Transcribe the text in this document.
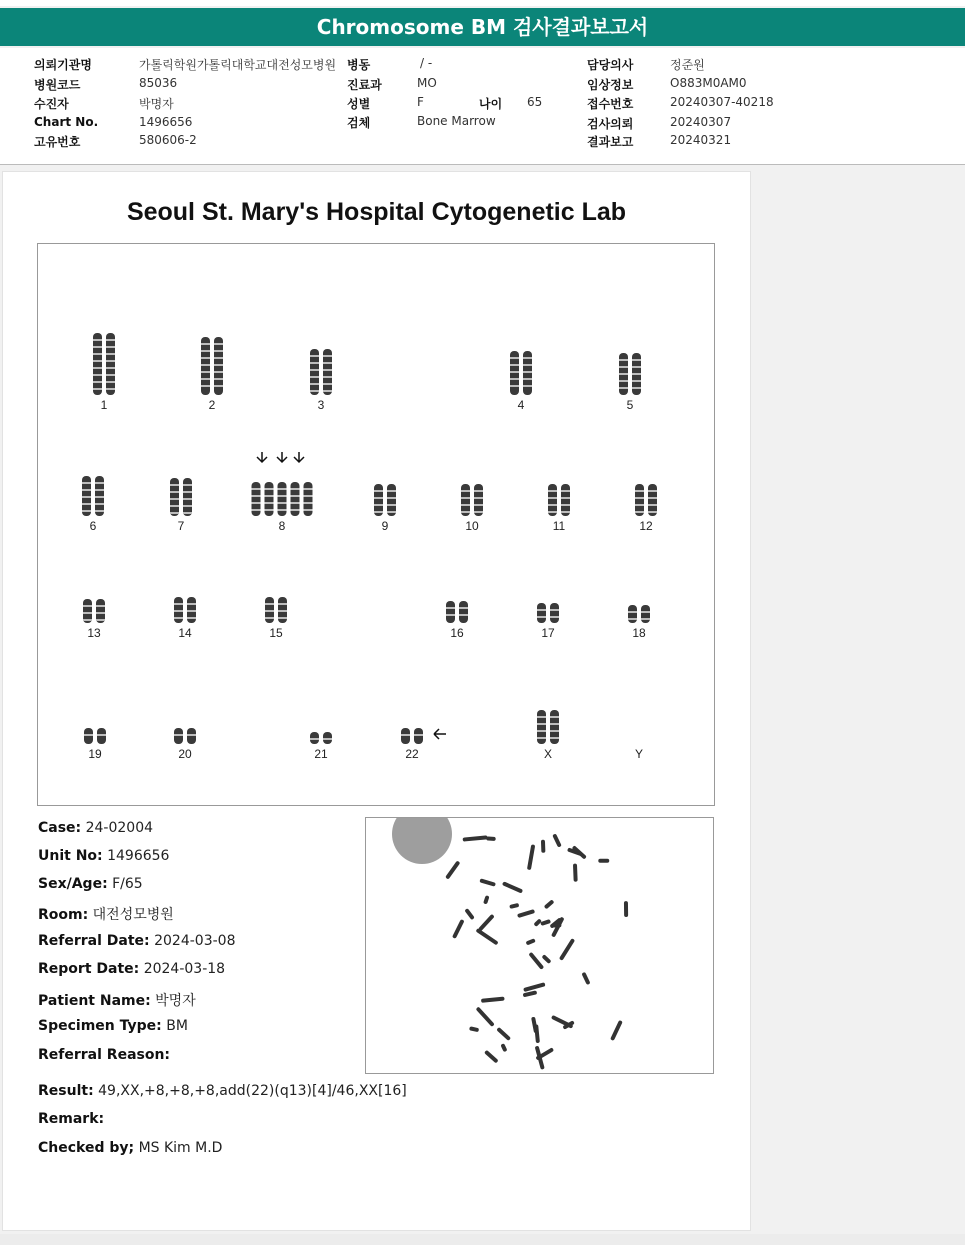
Chromosome BM 검사결과보고서
의뢰기관명	가톨릭학원가톨릭대학교대전성모병원
병원코드	85036
수진자	박명자
Chart No.	1496656
고유번호	580606-2
병동	/ -
진료과	MO
성별	F	나이 65
검체	Bone Marrow
담당의사	정준원
임상정보	O883M0AM0
접수번호	20240307-40218
검사의뢰	20240307
결과보고	20240321
Seoul St. Mary's Hospital Cytogenetic Lab
1	2	3	4	5
6	7	8	9	10	11	12
13	14	15	16	17	18
19	20	21	22	X	Y
Case: 24-02004
Unit No: 1496656
Sex/Age: F/65
Room: 대전성모병원
Referral Date: 2024-03-08
Report Date: 2024-03-18
Patient Name: 박명자
Specimen Type: BM
Referral Reason:
Result: 49,XX,+8,+8,+8,add(22)(q13)[4]/46,XX[16]
Remark:
Checked by; MS Kim M.D
